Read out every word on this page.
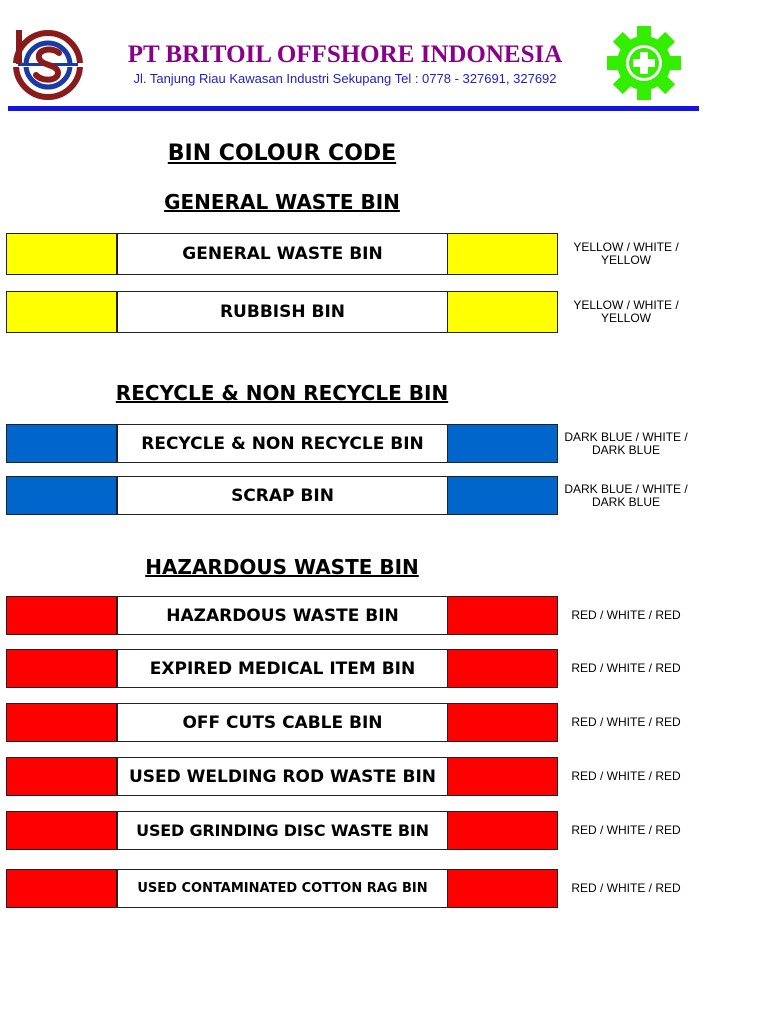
PT BRITOIL OFFSHORE INDONESIA
Jl. Tanjung Riau Kawasan Industri Sekupang Tel : 0778 - 327691, 327692
BIN COLOUR CODE
GENERAL WASTE BIN
GENERAL WASTE BIN	YELLOW / WHITE / YELLOW
RUBBISH BIN	YELLOW / WHITE / YELLOW
RECYCLE & NON RECYCLE BIN
RECYCLE & NON RECYCLE BIN	DARK BLUE / WHITE / DARK BLUE
SCRAP BIN	DARK BLUE / WHITE / DARK BLUE
HAZARDOUS WASTE BIN
HAZARDOUS WASTE BIN	RED / WHITE / RED
EXPIRED MEDICAL ITEM BIN	RED / WHITE / RED
OFF CUTS CABLE BIN	RED / WHITE / RED
USED WELDING ROD WASTE BIN	RED / WHITE / RED
USED GRINDING DISC WASTE BIN	RED / WHITE / RED
USED CONTAMINATED COTTON RAG BIN	RED / WHITE / RED
